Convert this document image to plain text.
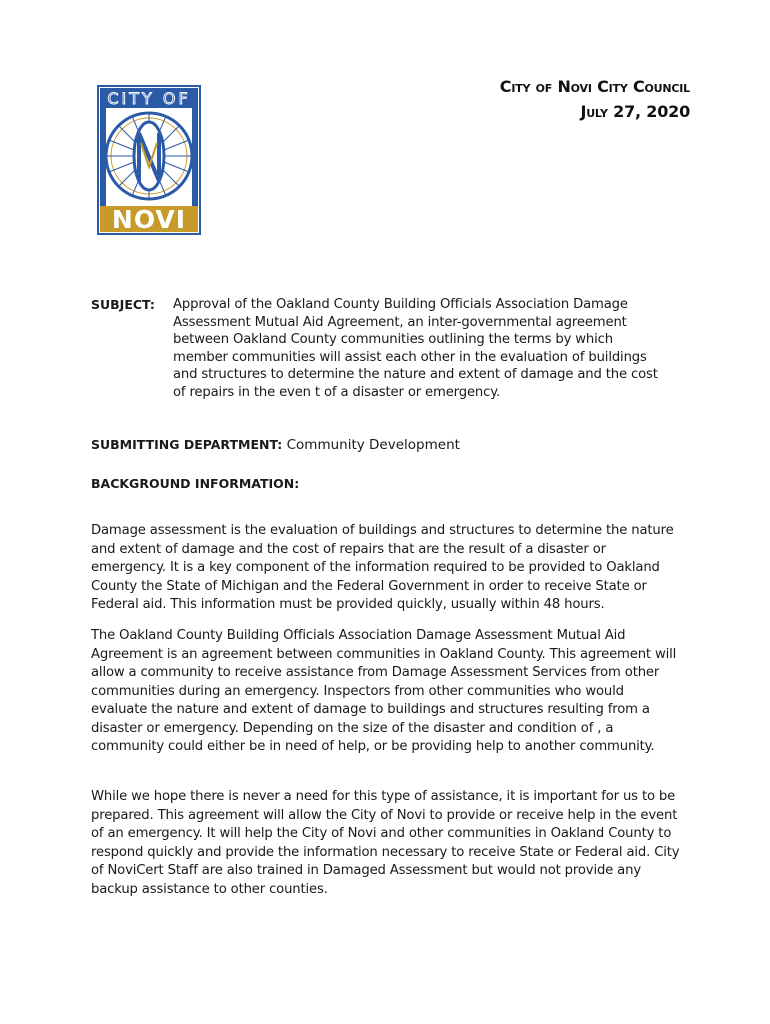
CITY OF
NOVI
City of Novi City Council
July 27, 2020
SUBJECT: Approval of the Oakland County Building Officials Association Damage Assessment Mutual Aid Agreement, an inter-governmental agreement between Oakland County communities outlining the terms by which member communities will assist each other in the evaluation of buildings and structures to determine the nature and extent of damage and the cost of repairs in the even t of a disaster or emergency.
SUBMITTING DEPARTMENT: Community Development
BACKGROUND INFORMATION:

Damage assessment is the evaluation of buildings and structures to determine the nature and extent of damage and the cost of repairs that are the result of a disaster or emergency. It is a key component of the information required to be provided to Oakland County the State of Michigan and the Federal Government in order to receive State or Federal aid. This information must be provided quickly, usually within 48 hours.

The Oakland County Building Officials Association Damage Assessment Mutual Aid Agreement is an agreement between communities in Oakland County. This agreement will allow a community to receive assistance from Damage Assessment Services from other communities during an emergency. Inspectors from other communities who would evaluate the nature and extent of damage to buildings and structures resulting from a disaster or emergency. Depending on the size of the disaster and condition of , a community could either be in need of help, or be providing help to another community.

While we hope there is never a need for this type of assistance, it is important for us to be prepared. This agreement will allow the City of Novi to provide or receive help in the event of an emergency. It will help the City of Novi and other communities in Oakland County to respond quickly and provide the information necessary to receive State or Federal aid. City of NoviCert Staff are also trained in Damaged Assessment but would not provide any backup assistance to other counties.
